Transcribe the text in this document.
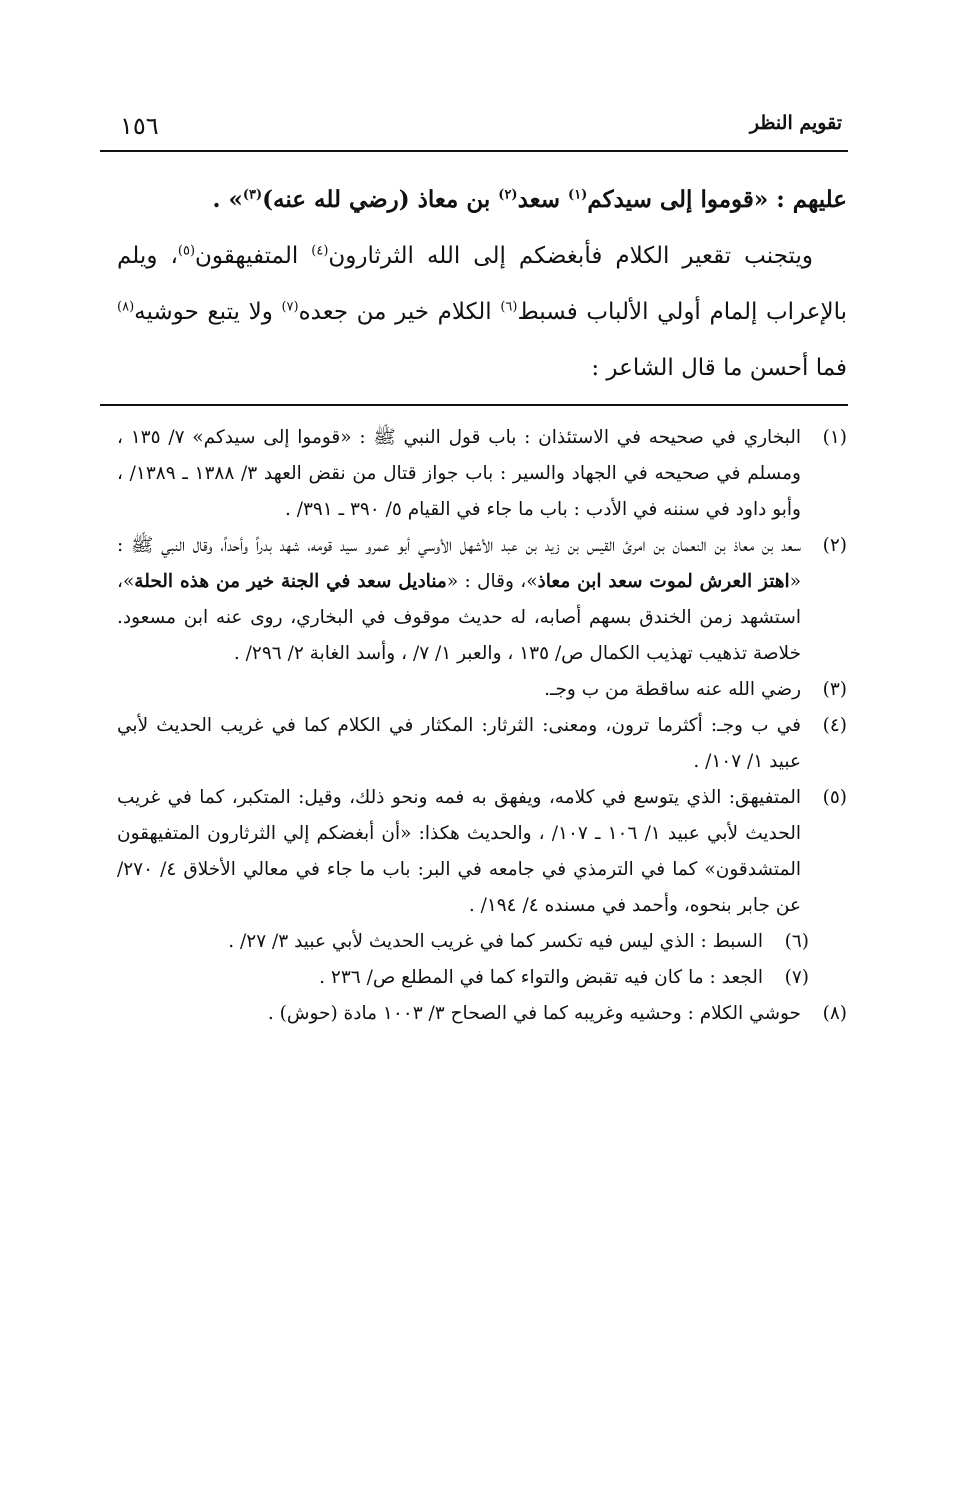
١٥٦	تقويم النظر

عليهم : «قوموا إلى سيدكم$^{(١)}$ سعد$^{(٢)}$ بن معاذ (رضي لله عنه)$^{(٣)}$» .

ويتجنب تقعير الكلام فأبغضكم إلى الله الثرثارون$^{(٤)}$ المتفيهقون$^{(٥)}$، ويلم بالإعراب إلمام أولي الألباب فسبط$^{(٦)}$ الكلام خير من جعده$^{(٧)}$ ولا يتبع حوشيه$^{(٨)}$ فما أحسن ما قال الشاعر :

(١)
البخاري في صحيحه في الاستئذان : باب قول النبي ﷺ : «قوموا إلى سيدكم» ٧/ ١٣٥ ، ومسلم في صحيحه في الجهاد والسير : باب جواز قتال من نقض العهد ٣/ ١٣٨٨ ـ ١٣٨٩/ ، وأبو داود في سننه في الأدب : باب ما جاء في القيام ٥/ ٣٩٠ ـ ٣٩١/ .

(٢)
سعد بن معاذ بن النعمان بن امرئ القيس بن زيد بن عبد الأشهل الأوسي أبو عمرو سيد قومه، شهد بدراً وأحداً، وقال النبي ﷺ : «اهتز العرش لموت سعد ابن معاذ»، وقال : «مناديل سعد في الجنة خير من هذه الحلة»، استشهد زمن الخندق بسهم أصابه، له حديث موقوف في البخاري، روى عنه ابن مسعود. خلاصة تذهيب تهذيب الكمال ص/ ١٣٥ ، والعبر ١/ ٧/ ، وأسد الغابة ٢/ ٢٩٦/ .

(٣)
رضي الله عنه ساقطة من ب وجـ.

(٤)
في ب وجـ: أكثرما ترون، ومعنى: الثرثار: المكثار في الكلام كما في غريب الحديث لأبي عبيد ١/ ١٠٧/ .

(٥)
المتفيهق: الذي يتوسع في كلامه، ويفهق به فمه ونحو ذلك، وقيل: المتكبر، كما في غريب الحديث لأبي عبيد ١/ ١٠٦ ـ ١٠٧/ ، والحديث هكذا: «أن أبغضكم إلي الثرثارون المتفيهقون المتشدقون» كما في الترمذي في جامعه في البر: باب ما جاء في معالي الأخلاق ٤/ ٢٧٠/ عن جابر بنحوه، وأحمد في مسنده ٤/ ١٩٤/ .

(٦)
السبط : الذي ليس فيه تكسر كما في غريب الحديث لأبي عبيد ٣/ ٢٧/ .

(٧)
الجعد : ما كان فيه تقبض والتواء كما في المطلع ص/ ٢٣٦ .

(٨)
حوشي الكلام : وحشيه وغريبه كما في الصحاح ٣/ ١٠٠٣ مادة (حوش) .
